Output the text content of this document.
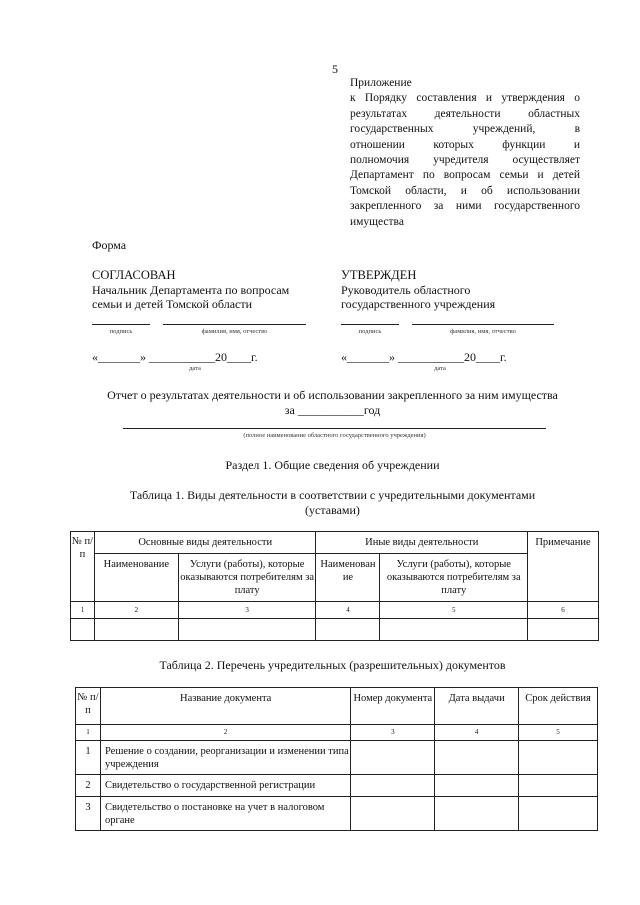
5
Приложение
к Порядку составления и утверждения о
результатах деятельности областных
государственных учреждений, в
отношении которых функции и
полномочия учредителя осуществляет
Департамент по вопросам семьи и детей
Томской области, и об использовании
закрепленного за ними государственного
имущества
Форма
СОГЛАСОВАН
Начальник Департамента по вопросам
семьи и детей Томской области
подпись	фамилия, имя, отчество
«_______» ___________20____г.
дата
УТВЕРЖДЕН
Руководитель областного
государственного учреждения
подпись	фамилия, имя, отчество
«_______» ___________20____г.
дата
Отчет о результатах деятельности и об использовании закрепленного за ним имущества
за ___________год
(полное наименование областного государственного учреждения)
Раздел 1. Общие сведения об учреждении
Таблица 1. Виды деятельности в соответствии с учредительными документами
(уставами)
№ п/п	Основные виды деятельности		Иные виды деятельности		Примечание
	Наименование	Услуги (работы), которые оказываются потребителям за плату	Наименован ие	Услуги (работы), которые оказываются потребителям за плату	
1	2	3	4	5	6

Таблица 2. Перечень учредительных (разрешительных) документов
№ п/п	Название документа	Номер документа	Дата выдачи	Срок действия
1	2	3	4	5
1	Решение о создании, реорганизации и изменении типа учреждения			
2	Свидетельство о государственной регистрации			
3	Свидетельство о постановке на учет в налоговом органе			
